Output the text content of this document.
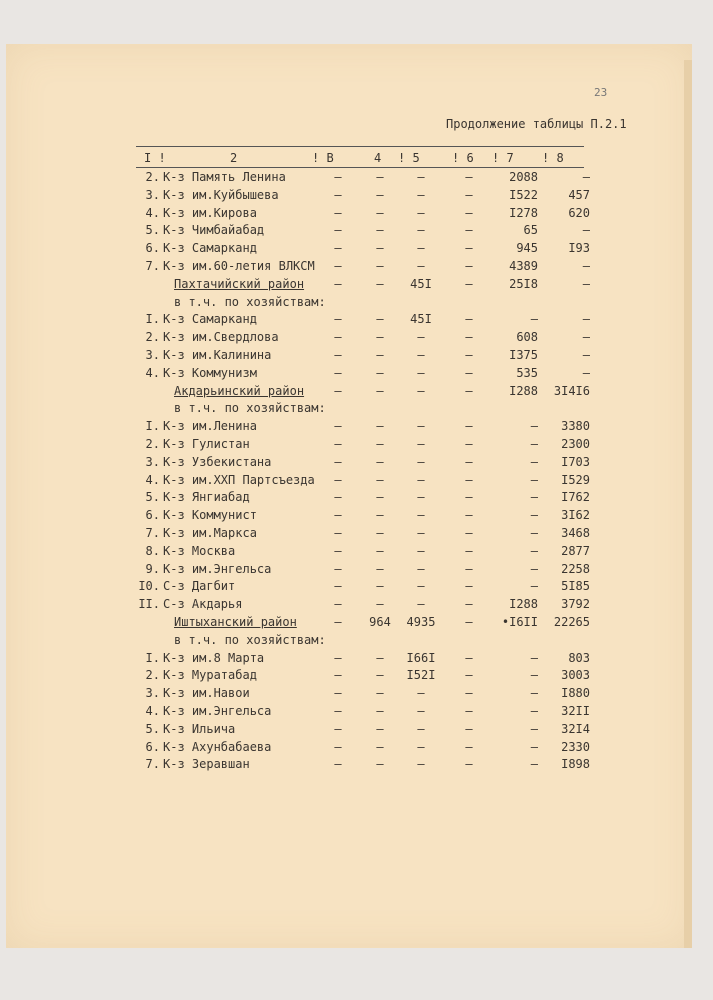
23
Продолжение таблицы П.2.1
I !	2	! В	4 ! 5	! 6 ! 7 ! 8
2. К-з Память Ленина	–	–	–	–	2088	–
3. К-з им.Куйбышева	–	–	–	–	I522	457
4. К-з им.Кирова	–	–	–	–	I278	620
5. К-з Чимбайабад	–	–	–	–	65	–
6. К-з Самарканд	–	–	–	–	945	I93
7. К-з им.60-летия ВЛКСМ	–	–	–	–	4389	–
Пахтачийский район	–	–	45I	–	25I8	–
в т.ч. по хозяйствам:
I. К-з Самарканд	–	–	45I	–	–	–
2. К-з им.Свердлова	–	–	–	–	608	–
3. К-з им.Калинина	–	–	–	–	I375	–
4. К-з Коммунизм	–	–	–	–	535	–
Акдарьинский район	–	–	–	–	I288	3I4I6
в т.ч. по хозяйствам:
I. К-з им.Ленина	–	–	–	–	–	3380
2. К-з Гулистан	–	–	–	–	–	2300
3. К-з Узбекистана	–	–	–	–	–	I703
4. К-з им.ХХП Партсъезда	–	–	–	–	–	I529
5. К-з Янгиабад	–	–	–	–	–	I762
6. К-з Коммунист	–	–	–	–	–	3I62
7. К-з им.Маркса	–	–	–	–	–	3468
8. К-з Москва	–	–	–	–	–	2877
9. К-з им.Энгельса	–	–	–	–	–	2258
I0. С-з Дагбит	–	–	–	–	–	5I85
II. С-з Акдарья	–	–	–	–	I288	3792
Иштыханский район	–	964	4935	–	•I6II	22265
в т.ч. по хозяйствам:
I. К-з им.8 Марта	–	–	I66I	–	–	803
2. К-з Муратабад	–	–	I52I	–	–	3003
3. К-з им.Навои	–	–	–	–	–	I880
4. К-з им.Энгельса	–	–	–	–	–	32II
5. К-з Ильича	–	–	–	–	–	32I4
6. К-з Ахунбабаева	–	–	–	–	–	2330
7. К-з Зеравшан	–	–	–	–	–	I898
